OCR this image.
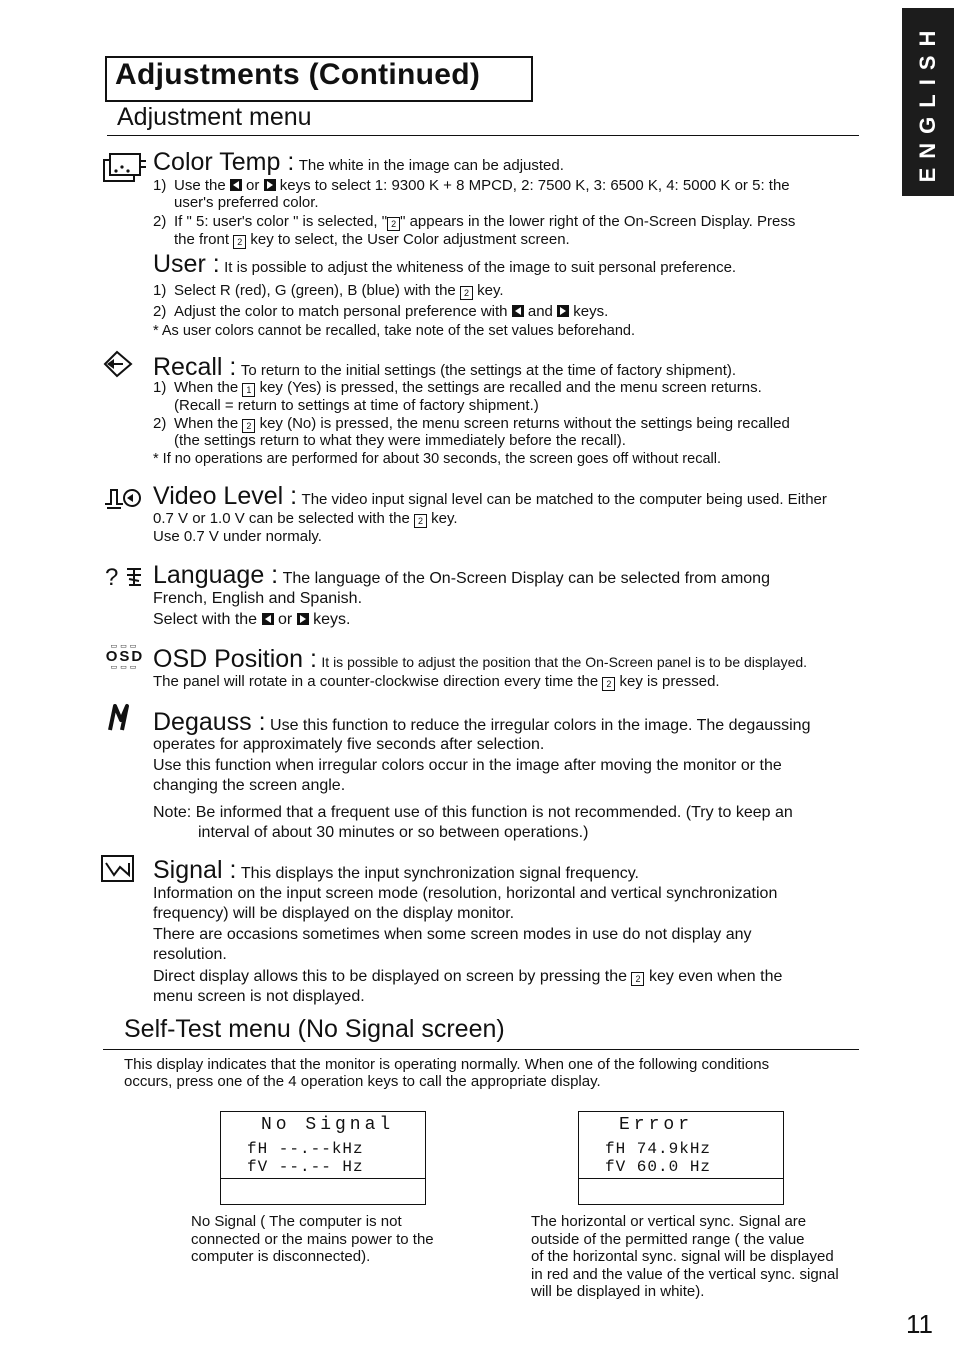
Adjustments (Continued)
Adjustment menu	ENGLISH
Color Temp : The white in the image can be adjusted.
1) Use the or keys to select 1: 9300 K + 8 MPCD, 2: 7500 K, 3: 6500 K, 4: 5000 K or 5: the
user's preferred color.
2) If " 5: user's color " is selected, " 2 " appears in the lower right of the On-Screen Display. Press
the front 2 key to select, the User Color adjustment screen.
User : It is possible to adjust the whiteness of the image to suit personal preference.
1) Select R (red), G (green), B (blue) with the 2 key.
2) Adjust the color to match personal preference with and keys.
* As user colors cannot be recalled, take note of the set values beforehand.
Recall : To return to the initial settings (the settings at the time of factory shipment).
1) When the 1 key (Yes) is pressed, the settings are recalled and the menu screen returns.
(Recall = return to settings at time of factory shipment.)
2) When the 2 key (No) is pressed, the menu screen returns without the settings being recalled
(the settings return to what they were immediately before the recall).
* If no operations are performed for about 30 seconds, the screen goes off without recall.
Video Level : The video input signal level can be matched to the computer being used. Either
0.7 V or 1.0 V can be selected with the 2 key.
Use 0.7 V under normaly.
? Language : The language of the On-Screen Display can be selected from among
French, English and Spanish.
Select with the or keys.
▭▭▭
OSD
▭▭▭ OSD Position : It is possible to adjust the position that the On-Screen panel is to be displayed.
The panel will rotate in a counter-clockwise direction every time the 2 key is pressed.
Degauss : Use this function to reduce the irregular colors in the image. The degaussing
operates for approximately five seconds after selection.
Use this function when irregular colors occur in the image after moving the monitor or the
changing the screen angle.
Note: Be informed that a frequent use of this function is not recommended. (Try to keep an
interval of about 30 minutes or so between operations.)
Signal : This displays the input synchronization signal frequency.
Information on the input screen mode (resolution, horizontal and vertical synchronization
frequency) will be displayed on the display monitor.
There are occasions sometimes when some screen modes in use do not display any
resolution.
Direct display allows this to be displayed on screen by pressing the 2 key even when the
menu screen is not displayed.
Self-Test menu (No Signal screen)
This display indicates that the monitor is operating normally. When one of the following conditions
occurs, press one of the 4 operation keys to call the appropriate display.
No Signal
fH --.--kHz
fV --.-- Hz
No Signal ( The computer is not
connected or the mains power to the
computer is disconnected).
Error
fH 74.9kHz
fV 60.0 Hz
The horizontal or vertical sync. Signal are
outside of the permitted range ( the value
of the horizontal sync. signal will be displayed
in red and the value of the vertical sync. signal
will be displayed in white).
11
